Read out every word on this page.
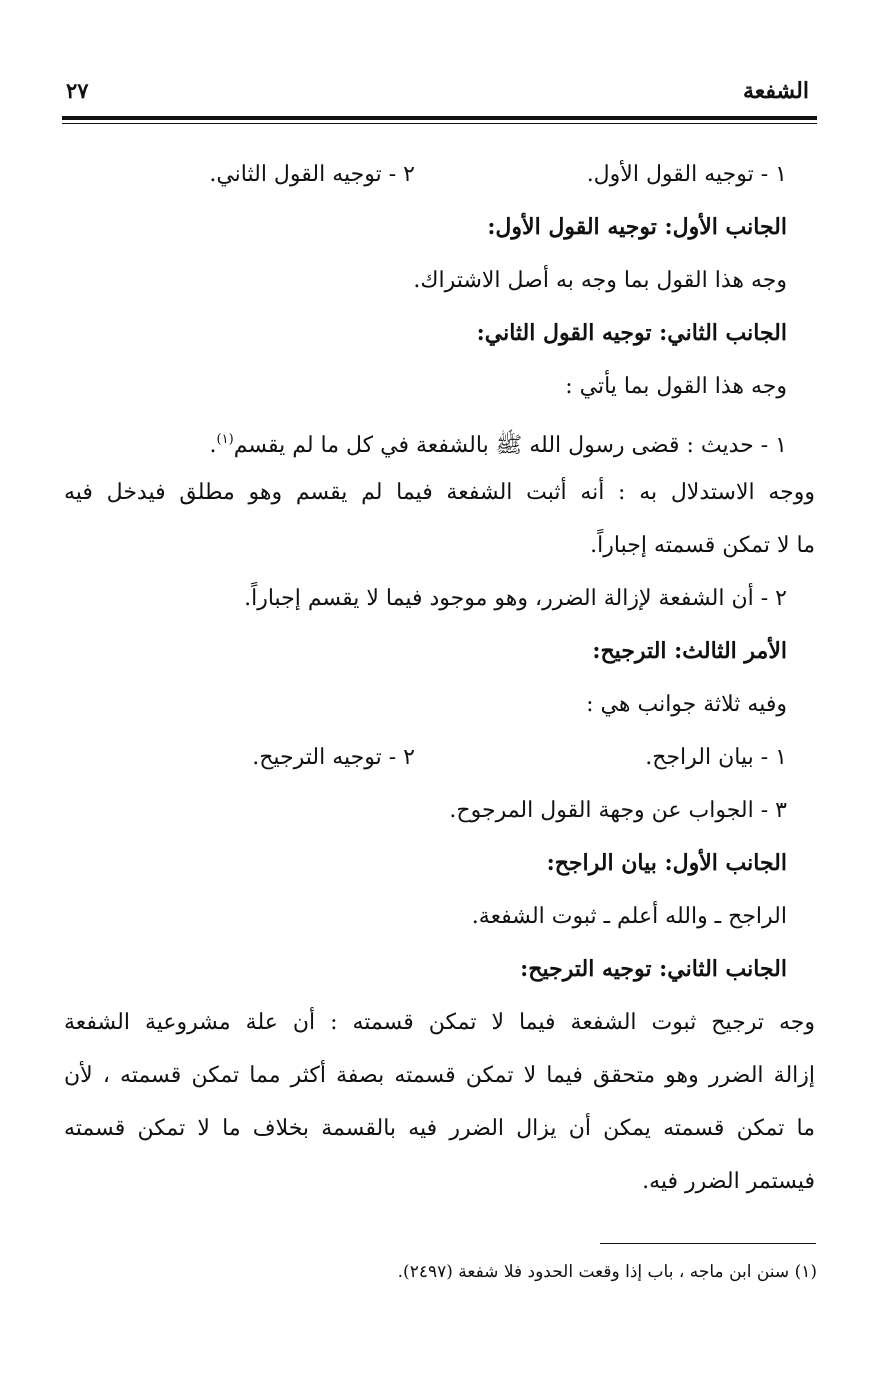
الشفعة
٢٧
١ - توجيه القول الأول.
٢ - توجيه القول الثاني.
الجانب الأول: توجيه القول الأول:
وجه هذا القول بما وجه به أصل الاشتراك.
الجانب الثاني: توجيه القول الثاني:
وجه هذا القول بما يأتي :
١ - حديث : قضى رسول الله ﷺ بالشفعة في كل ما لم يقسم$^{(١)}$.
ووجه الاستدلال به : أنه أثبت الشفعة فيما لم يقسم وهو مطلق فيدخل فيه
ما لا تمكن قسمته إجباراً.
٢ - أن الشفعة لإزالة الضرر، وهو موجود فيما لا يقسم إجباراً.
الأمر الثالث: الترجيح:
وفيه ثلاثة جوانب هي :
١ - بيان الراجح.
٢ - توجيه الترجيح.
٣ - الجواب عن وجهة القول المرجوح.
الجانب الأول: بيان الراجح:
الراجح ـ والله أعلم ـ ثبوت الشفعة.
الجانب الثاني: توجيه الترجيح:
وجه ترجيح ثبوت الشفعة فيما لا تمكن قسمته : أن علة مشروعية الشفعة
إزالة الضرر وهو متحقق فيما لا تمكن قسمته بصفة أكثر مما تمكن قسمته ، لأن
ما تمكن قسمته يمكن أن يزال الضرر فيه بالقسمة بخلاف ما لا تمكن قسمته
فيستمر الضرر فيه.
(١) سنن ابن ماجه ، باب إذا وقعت الحدود فلا شفعة (٢٤٩٧).
